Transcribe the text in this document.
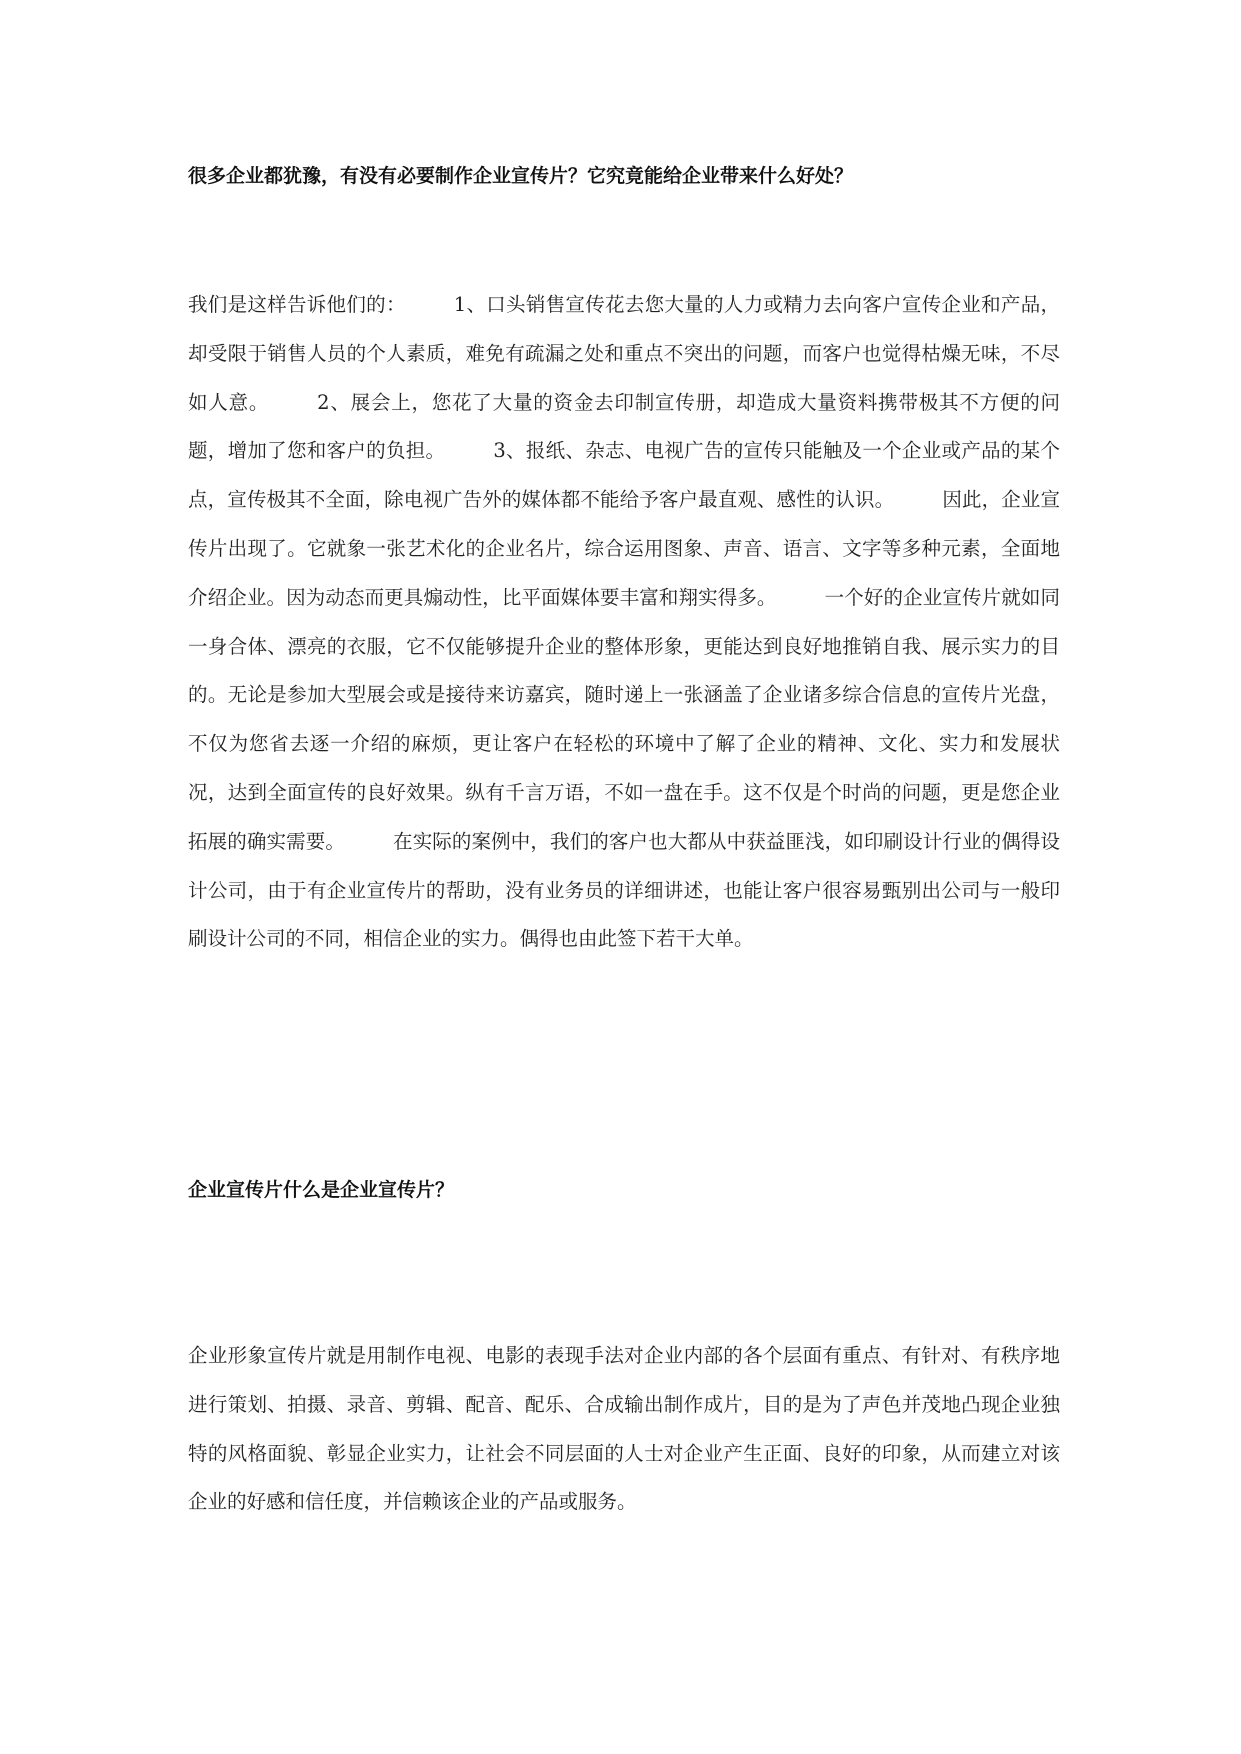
很多企业都犹豫，有没有必要制作企业宣传片？它究竟能给企业带来什么好处？
我们是这样告诉他们的： 1、口头销售宣传花去您大量的人力或精力去向客户宣传企业和产品，却受限于销售人员的个人素质，难免有疏漏之处和重点不突出的问题，而客户也觉得枯燥无味，不尽如人意。 2、展会上，您花了大量的资金去印制宣传册，却造成大量资料携带极其不方便的问题，增加了您和客户的负担。 3、报纸、杂志、电视广告的宣传只能触及一个企业或产品的某个点，宣传极其不全面，除电视广告外的媒体都不能给予客户最直观、感性的认识。 因此，企业宣传片出现了。它就象一张艺术化的企业名片，综合运用图象、声音、语言、文字等多种元素，全面地介绍企业。因为动态而更具煽动性，比平面媒体要丰富和翔实得多。 一个好的企业宣传片就如同一身合体、漂亮的衣服，它不仅能够提升企业的整体形象，更能达到良好地推销自我、展示实力的目的。无论是参加大型展会或是接待来访嘉宾，随时递上一张涵盖了企业诸多综合信息的宣传片光盘，不仅为您省去逐一介绍的麻烦，更让客户在轻松的环境中了解了企业的精神、文化、实力和发展状况，达到全面宣传的良好效果。纵有千言万语，不如一盘在手。这不仅是个时尚的问题，更是您企业拓展的确实需要。 在实际的案例中，我们的客户也大都从中获益匪浅，如印刷设计行业的偶得设计公司，由于有企业宣传片的帮助，没有业务员的详细讲述，也能让客户很容易甄别出公司与一般印刷设计公司的不同，相信企业的实力。偶得也由此签下若干大单。
企业宣传片什么是企业宣传片？
企业形象宣传片就是用制作电视、电影的表现手法对企业内部的各个层面有重点、有针对、有秩序地进行策划、拍摄、录音、剪辑、配音、配乐、合成输出制作成片，目的是为了声色并茂地凸现企业独特的风格面貌、彰显企业实力，让社会不同层面的人士对企业产生正面、良好的印象，从而建立对该企业的好感和信任度，并信赖该企业的产品或服务。
